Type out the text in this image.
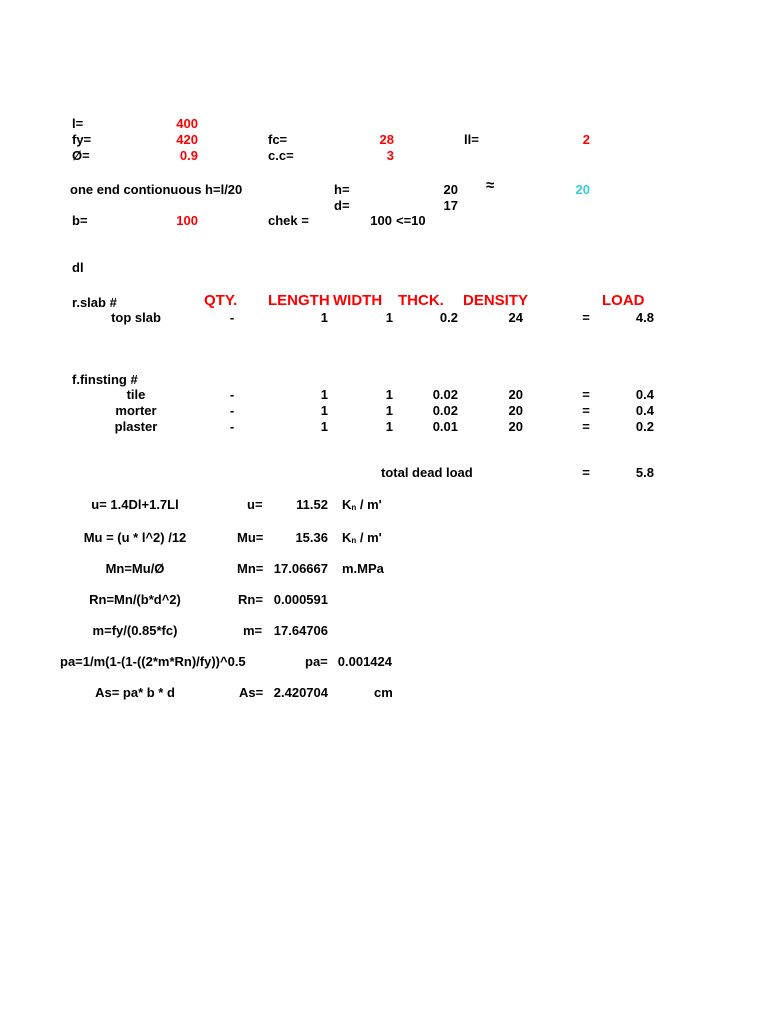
l=	400
fy=	420	fc=	28	ll=	2
Ø=	0.9	c.c=	3
one end contionuous h=l/20	h=	20 ≈	20
d=	17
b=	100	chek =	100 <=10
dl
r.slab #	QTY. LENGTH WIDTH THCK. DENSITY	LOAD
top slab	-	1	1	0.2	24	=	4.8
f.finsting #
tile	-	1	1	0.02	20	=	0.4
morter	-	1	1	0.02	20	=	0.4
plaster	-	1	1	0.01	20	=	0.2
total dead load	=	5.8
u= 1.4Dl+1.7Ll	u=	11.52 Kn / m'
Mu = (u * l^2) /12	Mu=	15.36 Kn / m'
Mn=Mu/Ø	Mn= 17.06667 m.MPa
Rn=Mn/(b*d^2)	Rn= 0.000591
m=fy/(0.85*fc)	m= 17.64706
pa=1/m(1-(1-((2*m*Rn)/fy))^0.5	pa= 0.001424
As= pa* b * d	As= 2.420704	cm
